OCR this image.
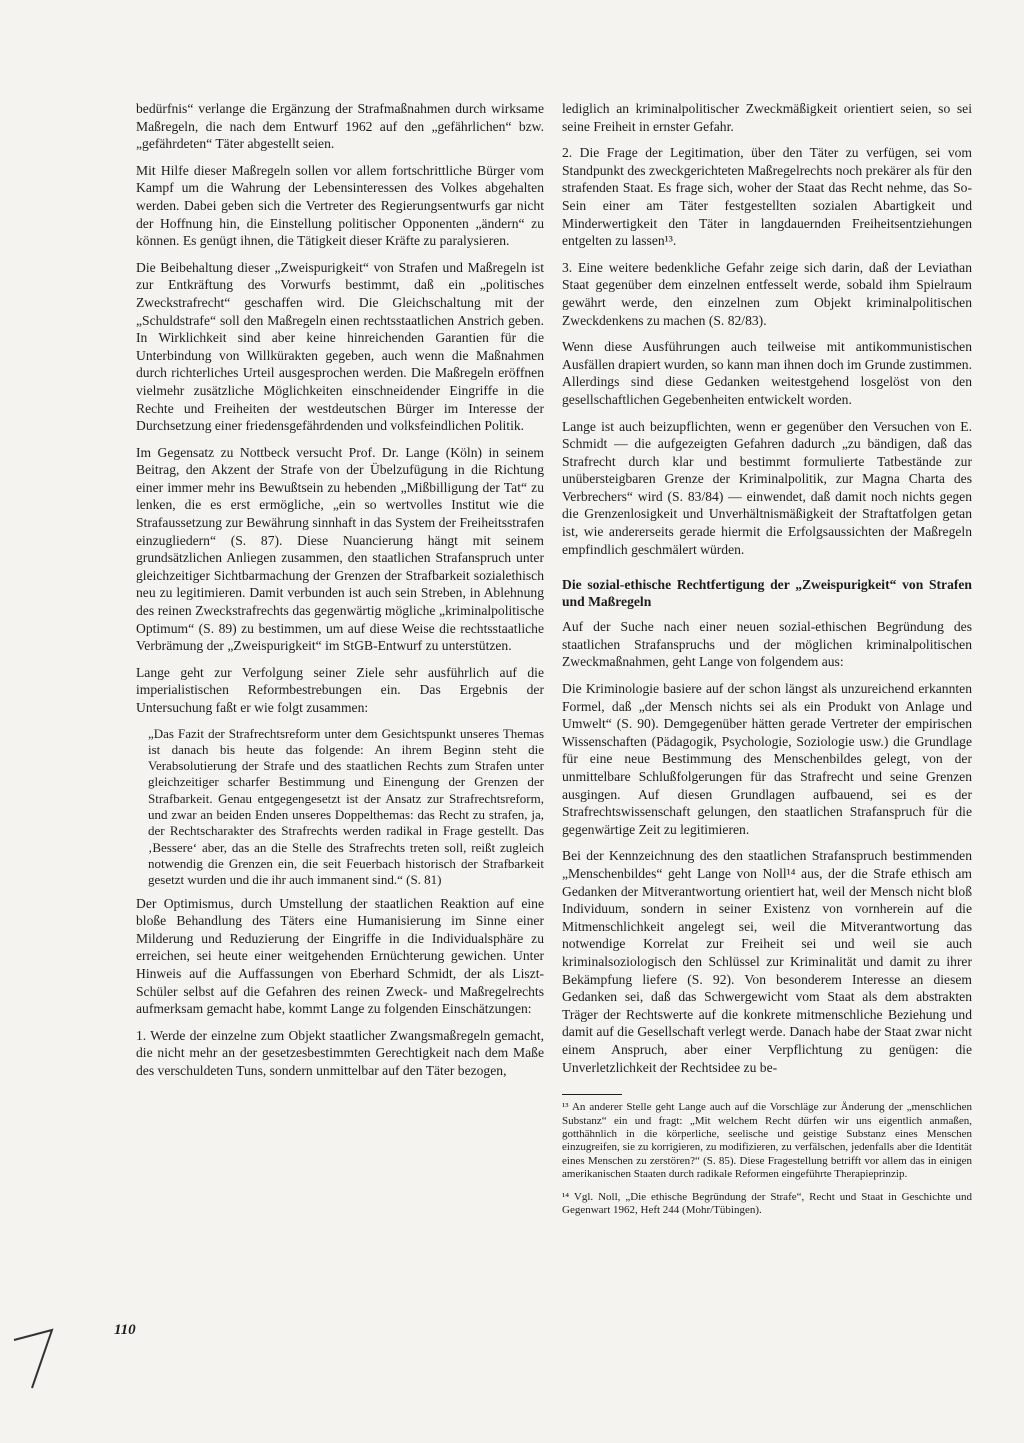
bedürfnis“ verlange die Ergänzung der Strafmaßnahmen durch wirksame Maßregeln, die nach dem Entwurf 1962 auf den „gefährlichen“ bzw. „gefährdeten“ Täter abgestellt seien.

Mit Hilfe dieser Maßregeln sollen vor allem fortschrittliche Bürger vom Kampf um die Wahrung der Lebensinteressen des Volkes abgehalten werden. Dabei geben sich die Vertreter des Regierungsentwurfs gar nicht der Hoffnung hin, die Einstellung politischer Opponenten „ändern“ zu können. Es genügt ihnen, die Tätigkeit dieser Kräfte zu paralysieren.

Die Beibehaltung dieser „Zweispurigkeit“ von Strafen und Maßregeln ist zur Entkräftung des Vorwurfs bestimmt, daß ein „politisches Zweckstrafrecht“ geschaffen wird. Die Gleichschaltung mit der „Schuldstrafe“ soll den Maßregeln einen rechtsstaatlichen Anstrich geben. In Wirklichkeit sind aber keine hinreichenden Garantien für die Unterbindung von Willkürakten gegeben, auch wenn die Maßnahmen durch richterliches Urteil ausgesprochen werden. Die Maßregeln eröffnen vielmehr zusätzliche Möglichkeiten einschneidender Eingriffe in die Rechte und Freiheiten der westdeutschen Bürger im Interesse der Durchsetzung einer friedensgefährdenden und volksfeindlichen Politik.

Im Gegensatz zu Nottbeck versucht Prof. Dr. Lange (Köln) in seinem Beitrag, den Akzent der Strafe von der Übelzufügung in die Richtung einer immer mehr ins Bewußtsein zu hebenden „Mißbilligung der Tat“ zu lenken, die es erst ermögliche, „ein so wertvolles Institut wie die Strafaussetzung zur Bewährung sinnhaft in das System der Freiheitsstrafen einzugliedern“ (S. 87). Diese Nuancierung hängt mit seinem grundsätzlichen Anliegen zusammen, den staatlichen Strafanspruch unter gleichzeitiger Sichtbarmachung der Grenzen der Strafbarkeit sozialethisch neu zu legitimieren. Damit verbunden ist auch sein Streben, in Ablehnung des reinen Zweckstrafrechts das gegenwärtig mögliche „kriminalpolitische Optimum“ (S. 89) zu bestimmen, um auf diese Weise die rechtsstaatliche Verbrämung der „Zweispurigkeit“ im StGB-Entwurf zu unterstützen.

Lange geht zur Verfolgung seiner Ziele sehr ausführlich auf die imperialistischen Reformbestrebungen ein. Das Ergebnis der Untersuchung faßt er wie folgt zusammen:

„Das Fazit der Strafrechtsreform unter dem Gesichtspunkt unseres Themas ist danach bis heute das folgende: An ihrem Beginn steht die Verabsolutierung der Strafe und des staatlichen Rechts zum Strafen unter gleichzeitiger scharfer Bestimmung und Einengung der Grenzen der Strafbarkeit. Genau entgegengesetzt ist der Ansatz zur Strafrechtsreform, und zwar an beiden Enden unseres Doppelthemas: das Recht zu strafen, ja, der Rechtscharakter des Strafrechts werden radikal in Frage gestellt. Das ‚Bessere‘ aber, das an die Stelle des Strafrechts treten soll, reißt zugleich notwendig die Grenzen ein, die seit Feuerbach historisch der Strafbarkeit gesetzt wurden und die ihr auch immanent sind.“ (S. 81)

Der Optimismus, durch Umstellung der staatlichen Reaktion auf eine bloße Behandlung des Täters eine Humanisierung im Sinne einer Milderung und Reduzierung der Eingriffe in die Individualsphäre zu erreichen, sei heute einer weitgehenden Ernüchterung gewichen. Unter Hinweis auf die Auffassungen von Eberhard Schmidt, der als Liszt-Schüler selbst auf die Gefahren des reinen Zweck- und Maßregelrechts aufmerksam gemacht habe, kommt Lange zu folgenden Einschätzungen:

1. Werde der einzelne zum Objekt staatlicher Zwangsmaßregeln gemacht, die nicht mehr an der gesetzesbestimmten Gerechtigkeit nach dem Maße des verschuldeten Tuns, sondern unmittelbar auf den Täter bezogen,

lediglich an kriminalpolitischer Zweckmäßigkeit orientiert seien, so sei seine Freiheit in ernster Gefahr.

2. Die Frage der Legitimation, über den Täter zu verfügen, sei vom Standpunkt des zweckgerichteten Maßregelrechts noch prekärer als für den strafenden Staat. Es frage sich, woher der Staat das Recht nehme, das So-Sein einer am Täter festgestellten sozialen Abartigkeit und Minderwertigkeit den Täter in langdauernden Freiheitsentziehungen entgelten zu lassen¹³.

3. Eine weitere bedenkliche Gefahr zeige sich darin, daß der Leviathan Staat gegenüber dem einzelnen entfesselt werde, sobald ihm Spielraum gewährt werde, den einzelnen zum Objekt kriminalpolitischen Zweckdenkens zu machen (S. 82/83).

Wenn diese Ausführungen auch teilweise mit antikommunistischen Ausfällen drapiert wurden, so kann man ihnen doch im Grunde zustimmen. Allerdings sind diese Gedanken weitestgehend losgelöst von den gesellschaftlichen Gegebenheiten entwickelt worden.

Lange ist auch beizupflichten, wenn er gegenüber den Versuchen von E. Schmidt — die aufgezeigten Gefahren dadurch „zu bändigen, daß das Strafrecht durch klar und bestimmt formulierte Tatbestände zur unübersteigbaren Grenze der Kriminalpolitik, zur Magna Charta des Verbrechers“ wird (S. 83/84) — einwendet, daß damit noch nichts gegen die Grenzenlosigkeit und Unverhältnismäßigkeit der Straftatfolgen getan ist, wie andererseits gerade hiermit die Erfolgsaussichten der Maßregeln empfindlich geschmälert würden.

Die sozial-ethische Rechtfertigung der „Zweispurigkeit“ von Strafen und Maßregeln

Auf der Suche nach einer neuen sozial-ethischen Begründung des staatlichen Strafanspruchs und der möglichen kriminalpolitischen Zweckmaßnahmen, geht Lange von folgendem aus:

Die Kriminologie basiere auf der schon längst als unzureichend erkannten Formel, daß „der Mensch nichts sei als ein Produkt von Anlage und Umwelt“ (S. 90). Demgegenüber hätten gerade Vertreter der empirischen Wissenschaften (Pädagogik, Psychologie, Soziologie usw.) die Grundlage für eine neue Bestimmung des Menschenbildes gelegt, von der unmittelbare Schlußfolgerungen für das Strafrecht und seine Grenzen ausgingen. Auf diesen Grundlagen aufbauend, sei es der Strafrechtswissenschaft gelungen, den staatlichen Strafanspruch für die gegenwärtige Zeit zu legitimieren.

Bei der Kennzeichnung des den staatlichen Strafanspruch bestimmenden „Menschenbildes“ geht Lange von Noll¹⁴ aus, der die Strafe ethisch am Gedanken der Mitverantwortung orientiert hat, weil der Mensch nicht bloß Individuum, sondern in seiner Existenz von vornherein auf die Mitmenschlichkeit angelegt sei, weil die Mitverantwortung das notwendige Korrelat zur Freiheit sei und weil sie auch kriminalsoziologisch den Schlüssel zur Kriminalität und damit zu ihrer Bekämpfung liefere (S. 92). Von besonderem Interesse an diesem Gedanken sei, daß das Schwergewicht vom Staat als dem abstrakten Träger der Rechtswerte auf die konkrete mitmenschliche Beziehung und damit auf die Gesellschaft verlegt werde. Danach habe der Staat zwar nicht einem Anspruch, aber einer Verpflichtung zu genügen: die Unverletzlichkeit der Rechtsidee zu be-

¹³ An anderer Stelle geht Lange auch auf die Vorschläge zur Änderung der „menschlichen Substanz“ ein und fragt: „Mit welchem Recht dürfen wir uns eigentlich anmaßen, gotthähnlich in die körperliche, seelische und geistige Substanz eines Menschen einzugreifen, sie zu korrigieren, zu modifizieren, zu verfälschen, jedenfalls aber die Identität eines Menschen zu zerstören?“ (S. 85). Diese Fragestellung betrifft vor allem das in einigen amerikanischen Staaten durch radikale Reformen eingeführte Therapieprinzip.

¹⁴ Vgl. Noll, „Die ethische Begründung der Strafe“, Recht und Staat in Geschichte und Gegenwart 1962, Heft 244 (Mohr/Tübingen).

110
